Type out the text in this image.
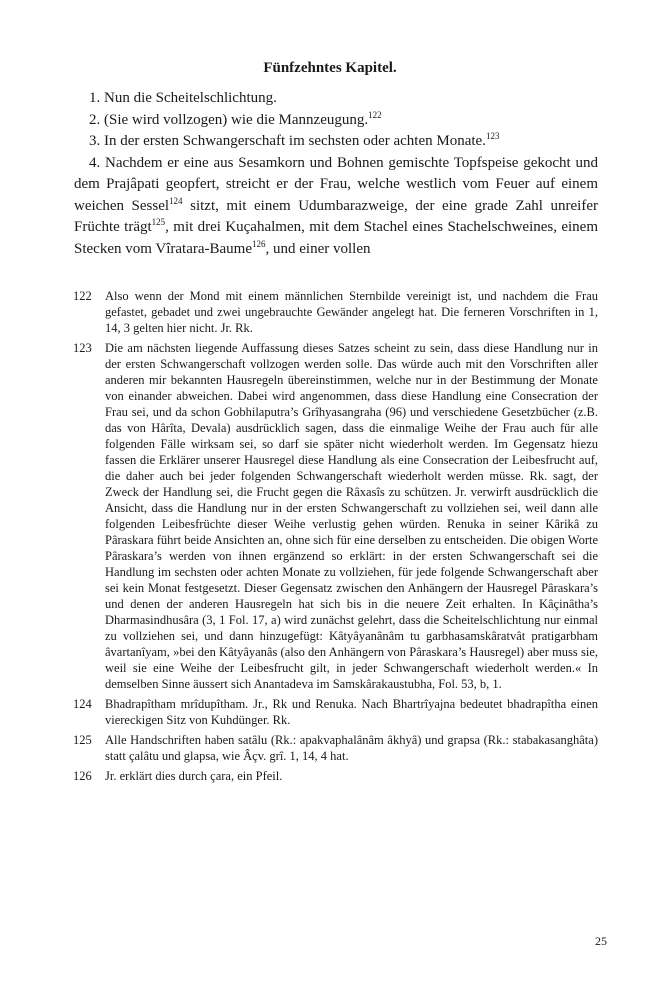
Fünfzehntes Kapitel.

1. Nun die Scheitelschlichtung.

2. (Sie wird vollzogen) wie die Mannzeugung.$^{122}$

3. In der ersten Schwangerschaft im sechsten oder achten Monate.$^{123}$

4. Nachdem er eine aus Sesamkorn und Bohnen gemischte Topfspeise gekocht und dem Prajâpati geopfert, streicht er der Frau, welche westlich vom Feuer auf einem weichen Sessel$^{124}$ sitzt, mit einem Udumbarazweige, der eine grade Zahl unreifer Früchte trägt$^{125}$, mit drei Kuçahalmen, mit dem Stachel eines Stachelschweines, einem Stecken vom Vîratara-Baume$^{126}$, und einer vollen

122	Also wenn der Mond mit einem männlichen Sternbilde vereinigt ist, und nachdem die Frau gefastet, gebadet und zwei ungebrauchte Gewänder angelegt hat. Die ferneren Vorschriften in 1, 14, 3 gelten hier nicht. Jr. Rk.
123	Die am nächsten liegende Auffassung dieses Satzes scheint zu sein, dass diese Handlung nur in der ersten Schwangerschaft vollzogen werden solle. Das würde auch mit den Vorschriften aller anderen mir bekannten Hausregeln übereinstimmen, welche nur in der Bestimmung der Monate von einander abweichen. Dabei wird angenommen, dass diese Handlung eine Consecration der Frau sei, und da schon Gobhilaputra’s Grîhyasangraha (96) und verschiedene Gesetzbücher (z.B. das von Hârîta, Devala) ausdrücklich sagen, dass die einmalige Weihe der Frau auch für alle folgenden Fälle wirksam sei, so darf sie später nicht wiederholt werden. Im Gegensatz hiezu fassen die Erklärer unserer Hausregel diese Handlung als eine Consecration der Leibesfrucht auf, die daher auch bei jeder folgenden Schwangerschaft wiederholt werden müsse. Rk. sagt, der Zweck der Handlung sei, die Frucht gegen die Râxasîs zu schützen. Jr. verwirft ausdrücklich die Ansicht, dass die Handlung nur in der ersten Schwangerschaft zu vollziehen sei, weil dann alle folgenden Leibesfrüchte dieser Weihe verlustig gehen würden. Renuka in seiner Kârikâ zu Pâraskara führt beide Ansichten an, ohne sich für eine derselben zu entscheiden. Die obigen Worte Pâraskara’s werden von ihnen ergänzend so erklärt: in der ersten Schwangerschaft sei die Handlung im sechsten oder achten Monate zu vollziehen, für jede folgende Schwangerschaft aber sei kein Monat festgesetzt. Dieser Gegensatz zwischen den Anhängern der Hausregel Pâraskara’s und denen der anderen Hausregeln hat sich bis in die neuere Zeit erhalten. In Kâçinâtha’s Dharmasindhusâra (3, 1 Fol. 17, a) wird zunächst gelehrt, dass die Scheitelschlichtung nur einmal zu vollziehen sei, und dann hinzugefügt: Kâtyâyanânâm tu garbhasamskâratvât pratigarbham âvartanîyam, »bei den Kâtyâyanâs (also den Anhängern von Pâraskara’s Hausregel) aber muss sie, weil sie eine Weihe der Leibesfrucht gilt, in jeder Schwangerschaft wiederholt werden.« In demselben Sinne äussert sich Anantadeva im Samskârakaustubha, Fol. 53, b, 1.
124	Bhadrapîtham mrîdupîtham. Jr., Rk und Renuka. Nach Bhartrîyajna bedeutet bhadrapîtha einen viereckigen Sitz von Kuhdünger. Rk.
125	Alle Handschriften haben satâlu (Rk.: apakvaphalânâm âkhyâ) und grapsa (Rk.: stabakasanghâta) statt çalâtu und glapsa, wie Âçv. grî. 1, 14, 4 hat.
126	Jr. erklärt dies durch çara, ein Pfeil.
25
